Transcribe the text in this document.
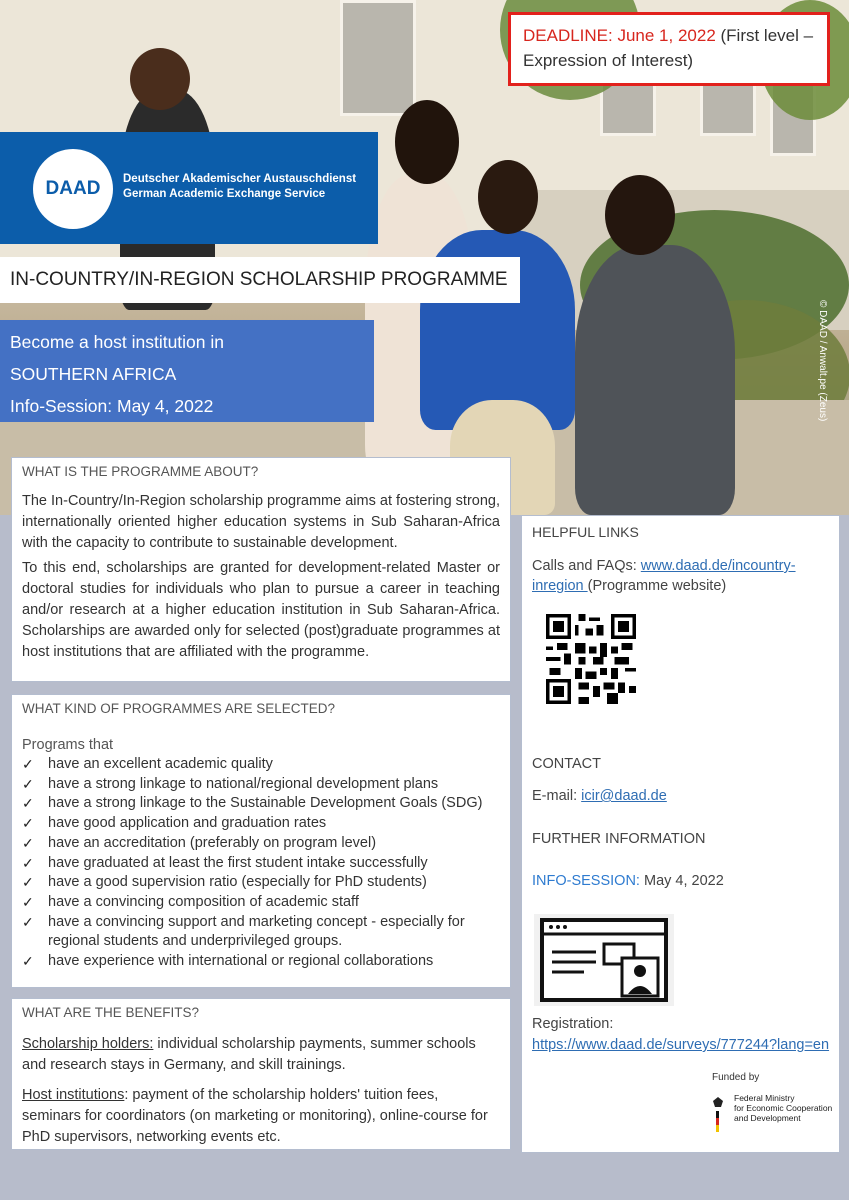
DEADLINE: June 1, 2022 (First level –
Expression of Interest)
DAAD	Deutscher Akademischer Austauschdienst
German Academic Exchange Service
IN-COUNTRY/IN-REGION SCHOLARSHIP PROGRAMME
Become a host institution in
SOUTHERN AFRICA
Info-Session: May 4, 2022	© DAAD / Anwalt.pe (Zeus)
WHAT IS THE PROGRAMME ABOUT?

The In-Country/In-Region scholarship programme aims at fostering strong, internationally oriented higher education systems in Sub Saharan-Africa with the capacity to contribute to sustainable development.

To this end, scholarships are granted for development-related Master or doctoral studies for individuals who plan to pursue a career in teaching and/or research at a higher education institution in Sub Saharan-Africa. Scholarships are awarded only for selected (post)graduate programmes at host institutions that are affiliated with the programme.

WHAT KIND OF PROGRAMMES ARE SELECTED?
Programs that
✓ have an excellent academic quality
✓ have a strong linkage to national/regional development plans
✓ have a strong linkage to the Sustainable Development Goals (SDG)
✓ have good application and graduation rates
✓ have an accreditation (preferably on program level)
✓ have graduated at least the first student intake successfully
✓ have a good supervision ratio (especially for PhD students)
✓ have a convincing composition of academic staff
✓ have a convincing support and marketing concept - especially for regional students and underprivileged groups.
✓ have experience with international or regional collaborations
WHAT ARE THE BENEFITS?

Scholarship holders: individual scholarship payments, summer schools and research stays in Germany, and skill trainings.

Host institutions: payment of the scholarship holders' tuition fees, seminars for coordinators (on marketing or monitoring), online-course for PhD supervisors, networking events etc.

HELPFUL LINKS

Calls and FAQs: www.daad.de/incountry-inregion (Programme website)

CONTACT
E-mail: icir@daad.de
FURTHER INFORMATION
INFO-SESSION: May 4, 2022
Registration:
https://www.daad.de/surveys/777244?lang=en
Funded by
Federal Ministry
for Economic Cooperation
and Development
